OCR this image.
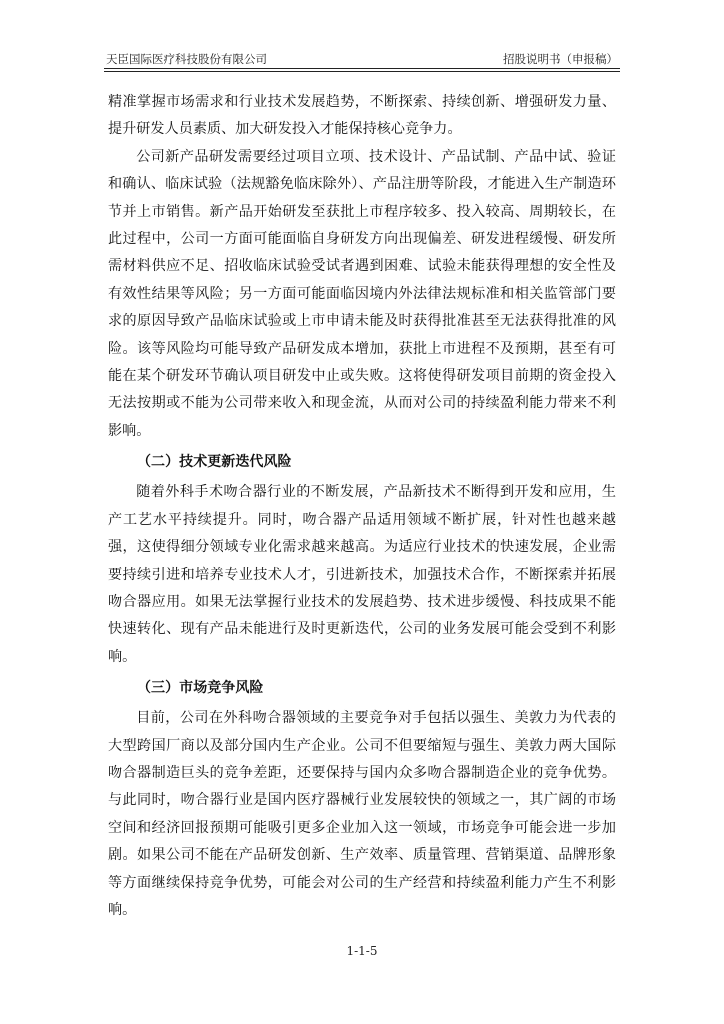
天臣国际医疗科技股份有限公司	招股说明书（申报稿）

精准掌握市场需求和行业技术发展趋势，不断探索、持续创新、增强研发力量、提升研发人员素质、加大研发投入才能保持核心竞争力。

公司新产品研发需要经过项目立项、技术设计、产品试制、产品中试、验证和确认、临床试验（法规豁免临床除外）、产品注册等阶段，才能进入生产制造环节并上市销售。新产品开始研发至获批上市程序较多、投入较高、周期较长，在此过程中，公司一方面可能面临自身研发方向出现偏差、研发进程缓慢、研发所需材料供应不足、招收临床试验受试者遇到困难、试验未能获得理想的安全性及有效性结果等风险；另一方面可能面临因境内外法律法规标准和相关监管部门要求的原因导致产品临床试验或上市申请未能及时获得批准甚至无法获得批准的风险。该等风险均可能导致产品研发成本增加，获批上市进程不及预期，甚至有可能在某个研发环节确认项目研发中止或失败。这将使得研发项目前期的资金投入无法按期或不能为公司带来收入和现金流，从而对公司的持续盈利能力带来不利影响。

（二）技术更新迭代风险

随着外科手术吻合器行业的不断发展，产品新技术不断得到开发和应用，生产工艺水平持续提升。同时，吻合器产品适用领域不断扩展，针对性也越来越强，这使得细分领域专业化需求越来越高。为适应行业技术的快速发展，企业需要持续引进和培养专业技术人才，引进新技术，加强技术合作，不断探索并拓展吻合器应用。如果无法掌握行业技术的发展趋势、技术进步缓慢、科技成果不能快速转化、现有产品未能进行及时更新迭代，公司的业务发展可能会受到不利影响。

（三）市场竞争风险

目前，公司在外科吻合器领域的主要竞争对手包括以强生、美敦力为代表的大型跨国厂商以及部分国内生产企业。公司不但要缩短与强生、美敦力两大国际吻合器制造巨头的竞争差距，还要保持与国内众多吻合器制造企业的竞争优势。与此同时，吻合器行业是国内医疗器械行业发展较快的领域之一，其广阔的市场空间和经济回报预期可能吸引更多企业加入这一领域，市场竞争可能会进一步加剧。如果公司不能在产品研发创新、生产效率、质量管理、营销渠道、品牌形象等方面继续保持竞争优势，可能会对公司的生产经营和持续盈利能力产生不利影响。

1-1-5
